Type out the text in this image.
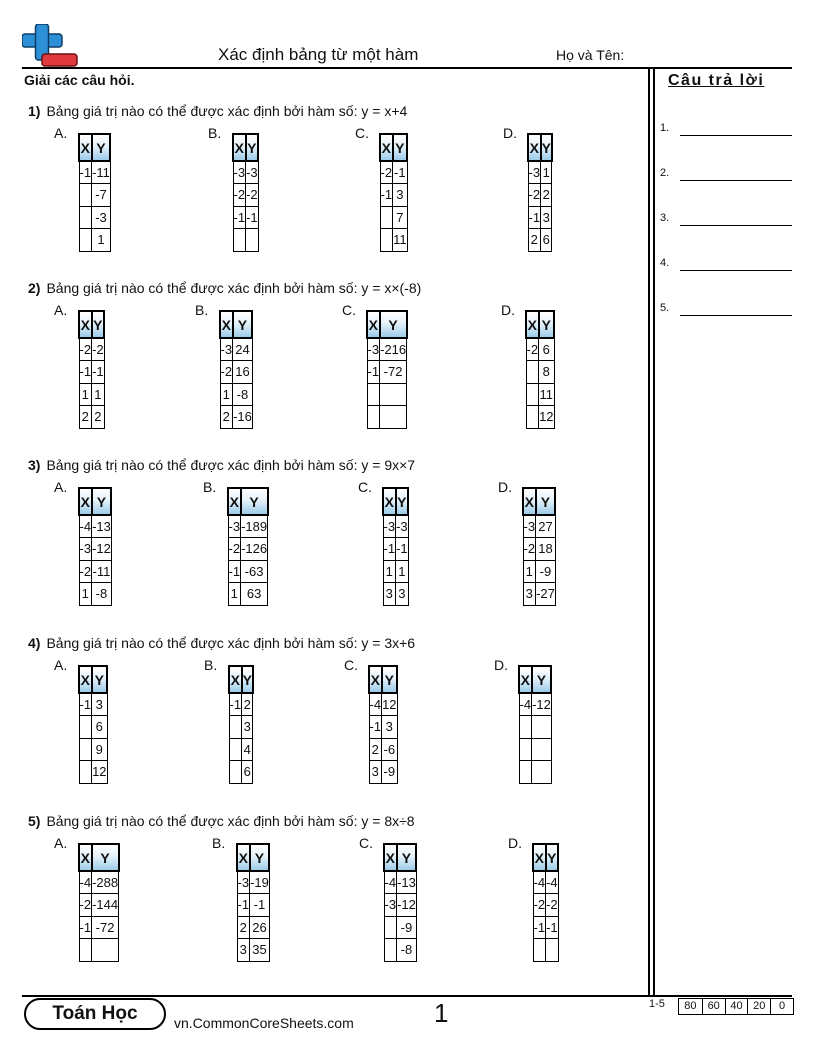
Xác định bảng từ một hàm	Họ và Tên:
Giải các câu hỏi.	Câu trả lời
1.
2.
3.
4.
5.
1) Bảng giá trị nào có thể được xác định bởi hàm số: y = x+4
A.
X	Y
-1	-11
	-7
	-3
	1
B.
X	Y
-3	-3
-2	-2
-1	-1

C.
X	Y
-2	-1
-1	3
	7
	11
D.
X	Y
-3	1
-2	2
-1	3
2	6
2) Bảng giá trị nào có thể được xác định bởi hàm số: y = x×(-8)
A.
X	Y
-2	-2
-1	-1
1	1
2	2
B.
X	Y
-3	24
-2	16
1	-8
2	-16
C.
X	Y
-3	-216
-1	-72

D.
X	Y
-2	6
	8
	11
	12
3) Bảng giá trị nào có thể được xác định bởi hàm số: y = 9x×7
A.
X	Y
-4	-13
-3	-12
-2	-11
1	-8
B.
X	Y
-3	-189
-2	-126
-1	-63
1	63
C.
X	Y
-3	-3
-1	-1
1	1
3	3
D.
X	Y
-3	27
-2	18
1	-9
3	-27
4) Bảng giá trị nào có thể được xác định bởi hàm số: y = 3x+6
A.
X	Y
-1	3
	6
	9
	12
B.
X	Y
-1	2
	3
	4
	6
C.
X	Y
-4	12
-1	3
2	-6
3	-9
D.
X	Y
-4	-12

5) Bảng giá trị nào có thể được xác định bởi hàm số: y = 8x÷8
A.
X	Y
-4	-288
-2	-144
-1	-72

B.
X	Y
-3	-19
-1	-1
2	26
3	35
C.
X	Y
-4	-13
-3	-12
	-9
	-8
D.
X	Y
-4	-4
-2	-2
-1	-1

Toán Học	vn.CommonCoreSheets.com	1	1-5	80	60 40 20	0
